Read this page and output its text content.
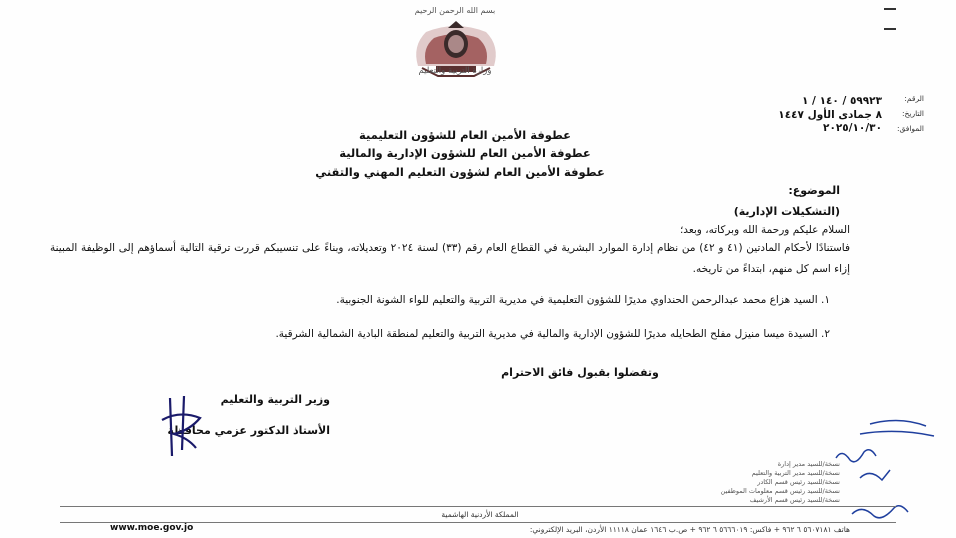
بسم الله الرحمن الرحيم
وزارة التربية والتعليم
الرقم:
٥٩٩٢٣ / ١٤٠ / ١
التاريخ:
٨ جمادى الأول ١٤٤٧
الموافق:
٢٠٢٥/١٠/٣٠
عطوفة الأمين العام للشؤون التعليمية
عطوفة الأمين العام للشؤون الإدارية والمالية
عطوفة الأمين العام لشؤون التعليم المهني والتقني
الموضوع:
(التشكيلات الإدارية)
السلام عليكم ورحمة الله وبركاته، وبعد؛
فاستنادًا لأحكام المادتين (٤١ و ٤٢) من نظام إدارة الموارد البشرية في القطاع العام رقم (٣٣) لسنة ٢٠٢٤ وتعديلاته، وبناءً على تنسيبكم قررت ترقية التالية أسماؤهم إلى الوظيفة المبينة إزاء اسم كل منهم، ابتداءً من تاريخه.
١. السيد هزاع محمد عبدالرحمن الحنداوي مديرًا للشؤون التعليمية في مديرية التربية والتعليم للواء الشونة الجنوبية.
٢. السيدة ميسا منيزل مفلح الطحايله مديرًا للشؤون الإدارية والمالية في مديرية التربية والتعليم لمنطقة البادية الشمالية الشرقية.
وتفضلوا بقبول فائق الاحترام
وزير التربية والتعليم
الأستاذ الدكتور عزمي محافظة
نسخة/للسيد مدير إدارة
نسخة/للسيد مدير التربية والتعليم
نسخة/للسيد رئيس قسم الكادر
نسخة/للسيد رئيس قسم معلومات الموظفين
نسخة/للسيد رئيس قسم الأرشيف
المملكة الأردنية الهاشمية
هاتف ٥٦٠٧١٨١ ٦ ٩٦٢ + فاكس: ٥٦٦٦٠١٩ ٦ ٩٦٢ + ص.ب ١٦٤٦ عمان ١١١١٨ الأردن، البريد الإلكتروني:
www.moe.gov.jo
